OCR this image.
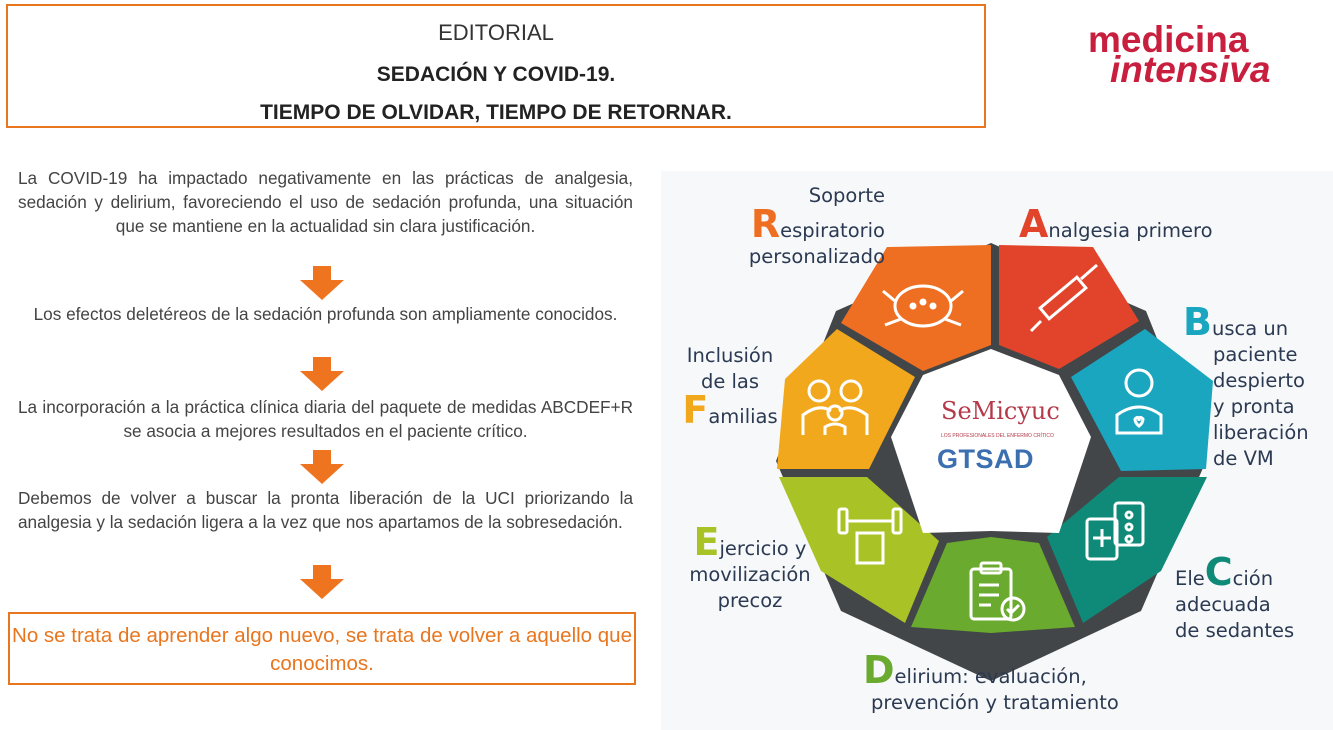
EDITORIAL
SEDACIÓN Y COVID-19.
TIEMPO DE OLVIDAR, TIEMPO DE RETORNAR.
medicina
intensiva
La COVID-19 ha impactado negativamente en las prácticas de analgesia, sedación y delirium, favoreciendo el uso de sedación profunda, una situación que se mantiene en la actualidad sin clara justificación.
Los efectos deletéreos de la sedación profunda son ampliamente conocidos.
La incorporación a la práctica clínica diaria del paquete de medidas ABCDEF+R se asocia a mejores resultados en el paciente crítico.
Debemos de volver a buscar la pronta liberación de la UCI priorizando la analgesia y la sedación ligera a la vez que nos apartamos de la sobresedación.
No se trata de aprender algo nuevo, se trata de volver a aquello que conocimos.
SeMicyuc
LOS PROFESIONALES DEL ENFERMO CRÍTICO
GTSAD
Soporte
Respiratorio
personalizado
Analgesia primero
Busca un
paciente
despierto
y pronta
liberación
de VM
EleCción
adecuada
de sedantes
Delirium: evaluación,
prevención y tratamiento
Ejercicio y
movilización
precoz
Inclusión
de las
Familias
